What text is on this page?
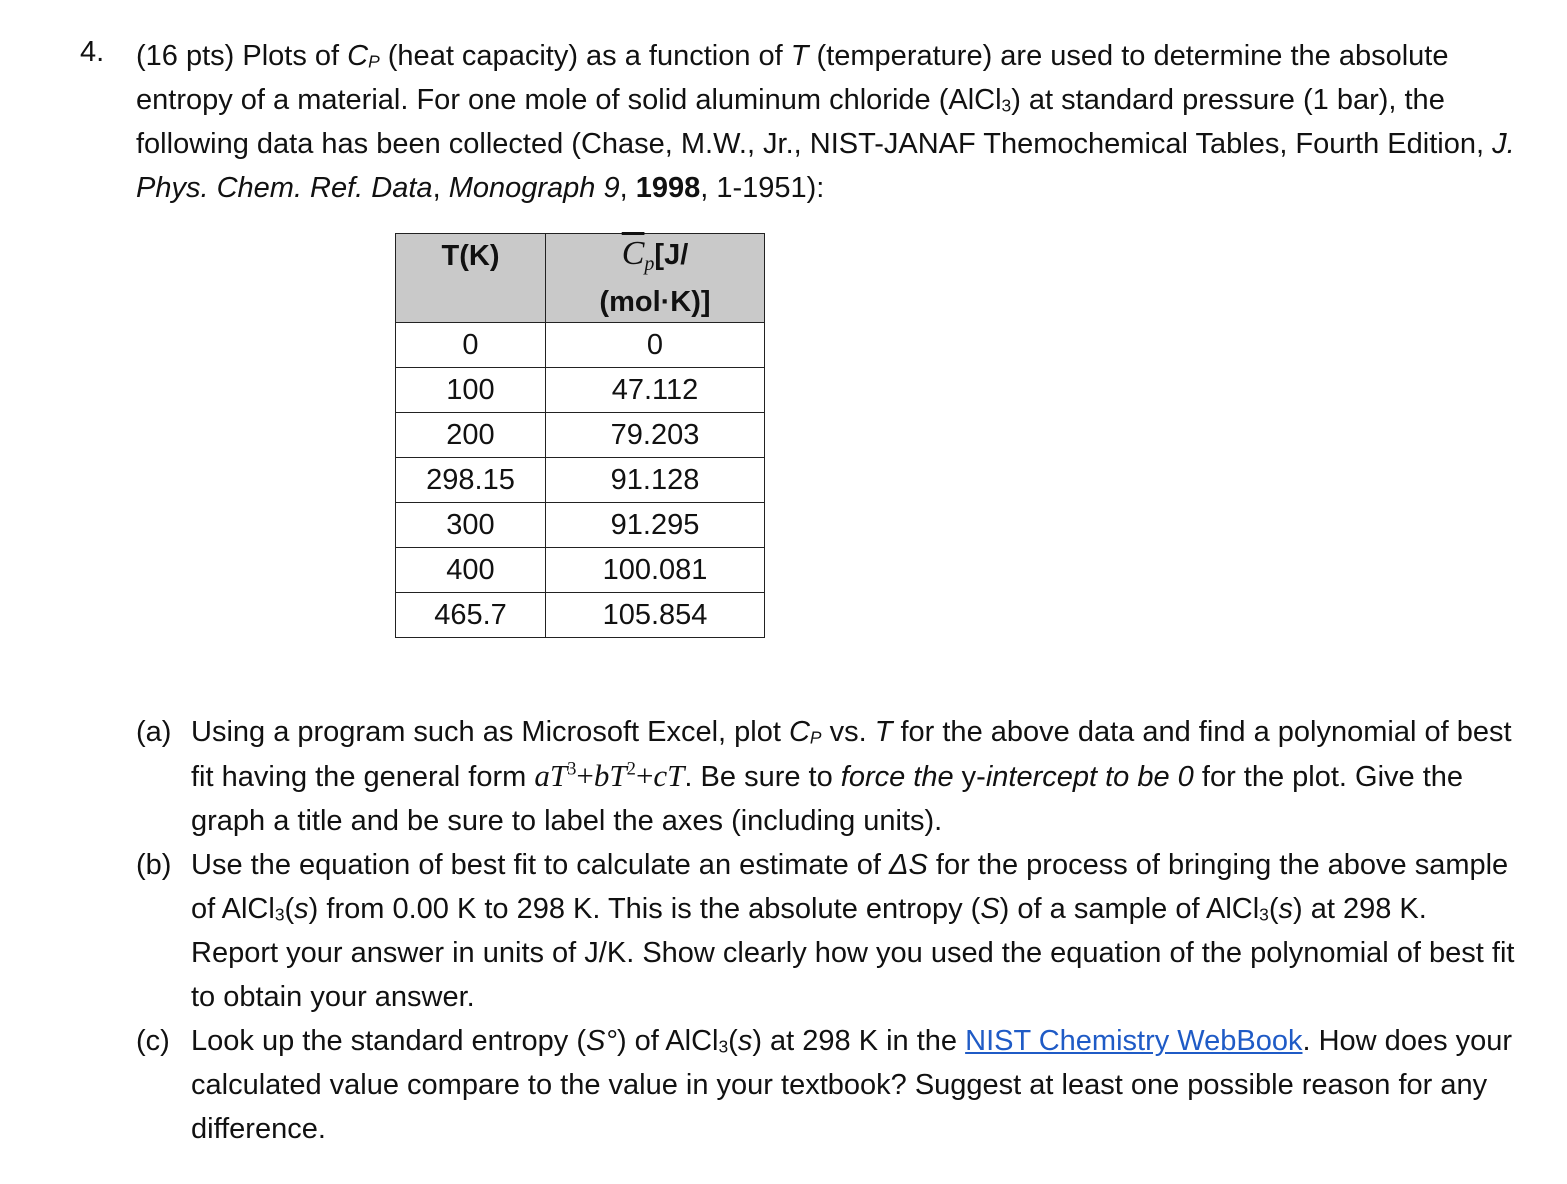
4. (16 pts) Plots of $C_P$ (heat capacity) as a function of T (temperature) are used to determine the absolute entropy of a material. For one mole of solid aluminum chloride (AlCl$_3$) at standard pressure (1 bar), the following data has been collected (Chase, M.W., Jr., NIST-JANAF Themochemical Tables, Fourth Edition, J. Phys. Chem. Ref. Data, Monograph 9, 1998, 1-1951):
T(K)	$\overline{C}_p[J/$
(mol·K)]

0	0
100	47.112
200	79.203
298.15	91.128
300	91.295
400	100.081
465.7	105.854
(a) Using a program such as Microsoft Excel, plot $C_P$ vs. T for the above data and find a polynomial of best fit having the general form $aT^3+bT^2+cT$. Be sure to force the y-intercept to be 0 for the plot. Give the graph a title and be sure to label the axes (including units).
(b) Use the equation of best fit to calculate an estimate of ΔS for the process of bringing the above sample of AlCl$_3$(s) from 0.00 K to 298 K. This is the absolute entropy (S) of a sample of AlCl$_3$(s) at 298 K. Report your answer in units of J/K. Show clearly how you used the equation of the polynomial of best fit to obtain your answer.
(c) Look up the standard entropy (S°) of AlCl$_3$(s) at 298 K in the NIST Chemistry WebBook. How does your calculated value compare to the value in your textbook? Suggest at least one possible reason for any difference.
